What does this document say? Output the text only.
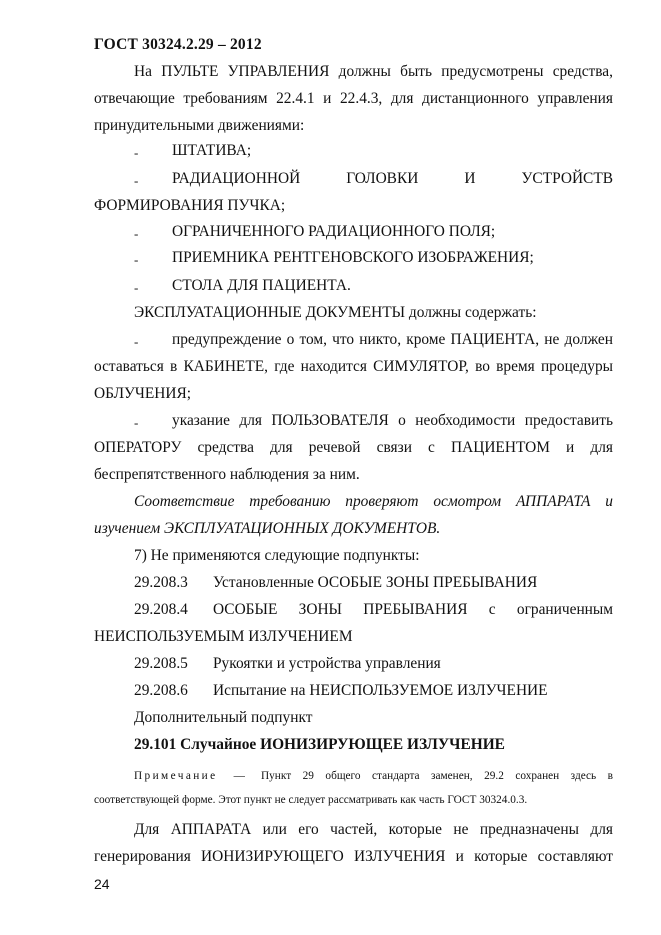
ГОСТ 30324.2.29 – 2012
На ПУЛЬТЕ УПРАВЛЕНИЯ должны быть предусмотрены средства,
отвечающие требованиям 22.4.1 и 22.4.3, для дистанционного управления
принудительными движениями:
- ШТАТИВА;
- РАДИАЦИОННОЙ ГОЛОВКИ И УСТРОЙСТВ
ФОРМИРОВАНИЯ ПУЧКА;
- ОГРАНИЧЕННОГО РАДИАЦИОННОГО ПОЛЯ;
- ПРИЕМНИКА РЕНТГЕНОВСКОГО ИЗОБРАЖЕНИЯ;
- СТОЛА ДЛЯ ПАЦИЕНТА.
ЭКСПЛУАТАЦИОННЫЕ ДОКУМЕНТЫ должны содержать:
- предупреждение о том, что никто, кроме ПАЦИЕНТА, не должен
оставаться в КАБИНЕТЕ, где находится СИМУЛЯТОР, во время процедуры
ОБЛУЧЕНИЯ;
- указание для ПОЛЬЗОВАТЕЛЯ о необходимости предоставить
ОПЕРАТОРУ средства для речевой связи с ПАЦИЕНТОМ и для
беспрепятственного наблюдения за ним.
Соответствие требованию проверяют осмотром АППАРАТА и
изучением ЭКСПЛУАТАЦИОННЫХ ДОКУМЕНТОВ.
7) Не применяются следующие подпункты:
29.208.3 Установленные ОСОБЫЕ ЗОНЫ ПРЕБЫВАНИЯ
29.208.4 ОСОБЫЕ ЗОНЫ ПРЕБЫВАНИЯ с ограниченным
НЕИСПОЛЬЗУЕМЫМ ИЗЛУЧЕНИЕМ
29.208.5 Рукоятки и устройства управления
29.208.6 Испытание на НЕИСПОЛЬЗУЕМОЕ ИЗЛУЧЕНИЕ
Дополнительный подпункт
29.101 Случайное ИОНИЗИРУЮЩЕЕ ИЗЛУЧЕНИЕ
Примечание — Пункт 29 общего стандарта заменен, 29.2 сохранен здесь в
соответствующей форме. Этот пункт не следует рассматривать как часть ГОСТ 30324.0.3.
Для АППАРАТА или его частей, которые не предназначены для
генерирования ИОНИЗИРУЮЩЕГО ИЗЛУЧЕНИЯ и которые составляют
24
